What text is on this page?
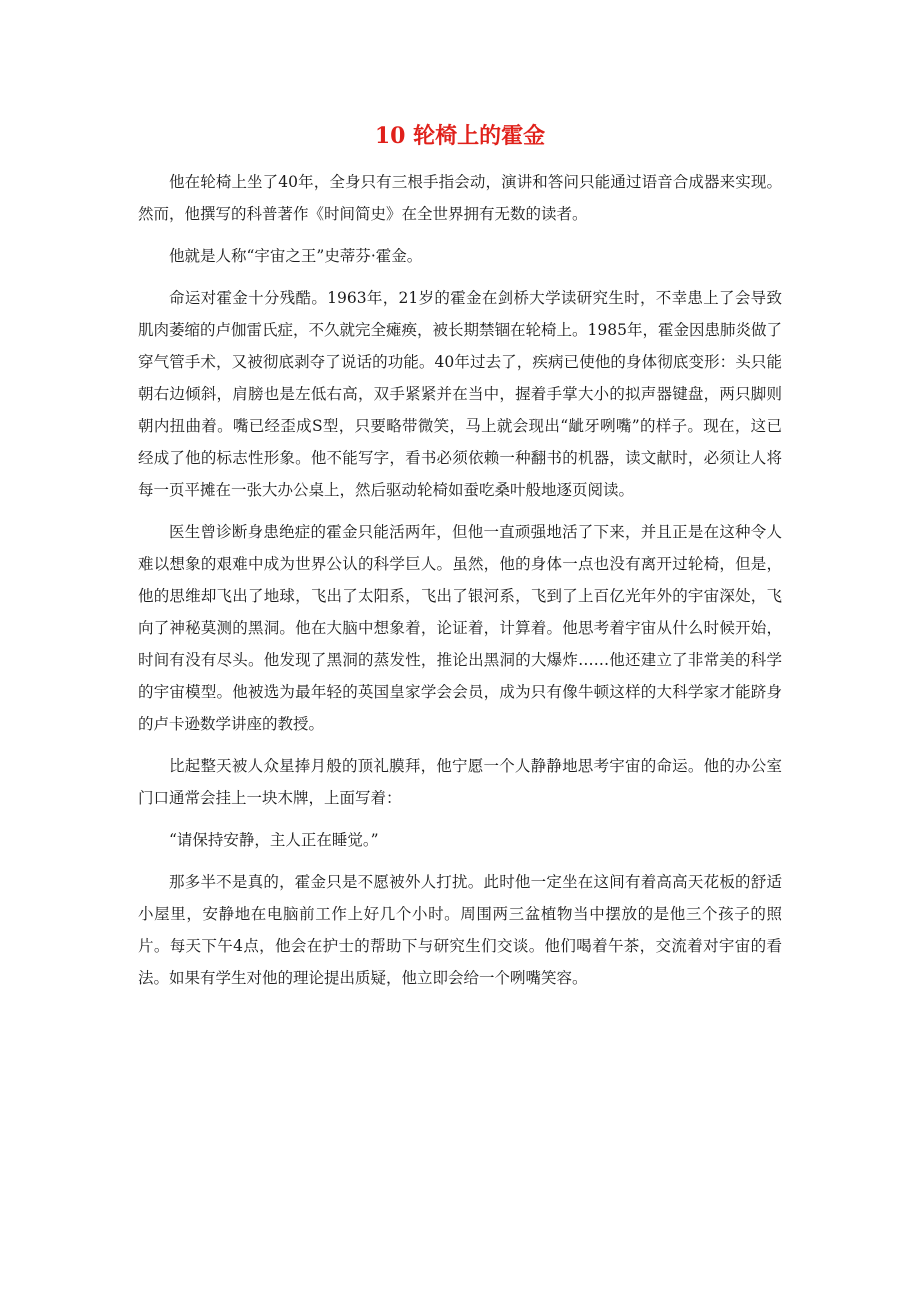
10 轮椅上的霍金

他在轮椅上坐了40年，全身只有三根手指会动，演讲和答问只能通过语音合成器来实现。然而，他撰写的科普著作《时间简史》在全世界拥有无数的读者。

他就是人称“宇宙之王”史蒂芬·霍金。

命运对霍金十分残酷。1963年，21岁的霍金在剑桥大学读研究生时，不幸患上了会导致肌肉萎缩的卢伽雷氏症，不久就完全瘫痪，被长期禁锢在轮椅上。1985年，霍金因患肺炎做了穿气管手术，又被彻底剥夺了说话的功能。40年过去了，疾病已使他的身体彻底变形：头只能朝右边倾斜，肩膀也是左低右高，双手紧紧并在当中，握着手掌大小的拟声器键盘，两只脚则朝内扭曲着。嘴已经歪成S型，只要略带微笑，马上就会现出“龇牙咧嘴”的样子。现在，这已经成了他的标志性形象。他不能写字，看书必须依赖一种翻书的机器，读文献时，必须让人将每一页平摊在一张大办公桌上，然后驱动轮椅如蚕吃桑叶般地逐页阅读。

医生曾诊断身患绝症的霍金只能活两年，但他一直顽强地活了下来，并且正是在这种令人难以想象的艰难中成为世界公认的科学巨人。虽然，他的身体一点也没有离开过轮椅，但是，他的思维却飞出了地球，飞出了太阳系，飞出了银河系，飞到了上百亿光年外的宇宙深处，飞向了神秘莫测的黑洞。他在大脑中想象着，论证着，计算着。他思考着宇宙从什么时候开始，时间有没有尽头。他发现了黑洞的蒸发性，推论出黑洞的大爆炸……他还建立了非常美的科学的宇宙模型。他被选为最年轻的英国皇家学会会员，成为只有像牛顿这样的大科学家才能跻身的卢卡逊数学讲座的教授。

比起整天被人众星捧月般的顶礼膜拜，他宁愿一个人静静地思考宇宙的命运。他的办公室门口通常会挂上一块木牌，上面写着：

“请保持安静，主人正在睡觉。”

那多半不是真的，霍金只是不愿被外人打扰。此时他一定坐在这间有着高高天花板的舒适小屋里，安静地在电脑前工作上好几个小时。周围两三盆植物当中摆放的是他三个孩子的照片。每天下午4点，他会在护士的帮助下与研究生们交谈。他们喝着午茶，交流着对宇宙的看法。如果有学生对他的理论提出质疑，他立即会给一个咧嘴笑容。
